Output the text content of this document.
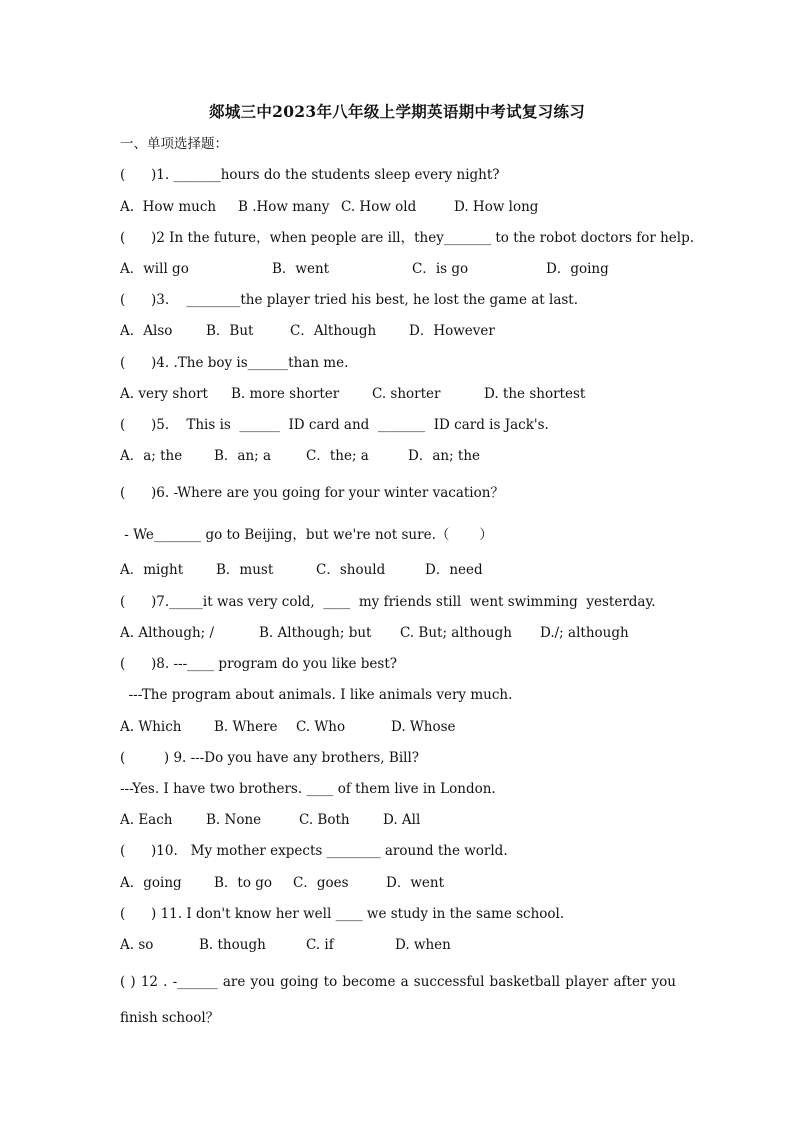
郯城三中2023年八年级上学期英语期中考试复习练习
一、单项选择题：
(      )1. _______hours do the students sleep every night?
A.  How much B .How many C. How old	D. How long
(      )2 In the future，when people are ill，they_______ to the robot doctors for help.
A．will go	B．went	C．is go	D．going
(      )3.    ________the player tried his best, he lost the game at last.
A．Also B．But	C．Although D．However
(      )4. .The boy is______than me.
A. very short B. more shorter C. shorter	D. the shortest
(      )5.    This is  ______  ID card and  _______  ID card is Jack's.
A．a; the B．an; a	C．the; a	D．an; the
(      )6. -Where are you going for your winter vacation？
- We_______ go to Beijing，but we're not sure.（       ）
A．might B．must	C．should	D．need
(      )7._____it was very cold,  ____  my friends still  went swimming  yesterday.
A. Although; /	B. Although; but C. But; although D./; although
(      )8. ---____ program do you like best?
---The program about animals. I like animals very much.
A. Which B. Where C. Who	D. Whose
(         ) 9. ---Do you have any brothers, Bill?
---Yes. I have two brothers. ____ of them live in London.
A. Each B. None	C. Both D. All
(      )10.   My mother expects ________ around the world.
A．going B．to go C．goes	D．went
(      ) 11. I don't know her well ____ we study in the same school.
A. so	B. though	C. if	D. when
( ) 12 . -______ are you going to become a successful basketball player after you
finish school？
